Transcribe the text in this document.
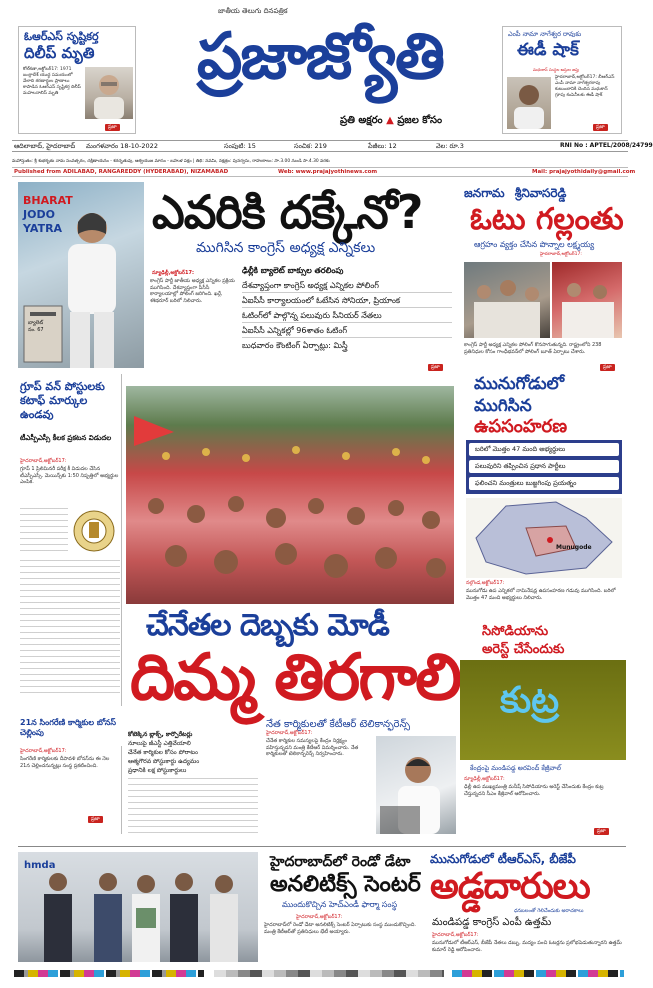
ఓఆర్ఎస్ సృష్టికర్త
దిలీప్ మృతి
కోల్‌కతా,అక్టోబర్17: 1971 బంగ్లాదేశ్ యుద్ధ సమయంలో వేలాది శరణార్థుల ప్రాణాలు కాపాడిన ఓఆర్ఎస్ సృష్టికర్త దిలీప్ మహలనాబిస్ మృతి
ప్రజా
జాతీయ తెలుగు దినపత్రిక
ప్రజాజ్యోతి
ప్రతి అక్షరం ▲ ప్రజల కోసం
ఎంపీ నామా నాగేశ్వర రావుకు
ఈడీ షాక్
మధుకాన్ సంస్థల ఆస్తుల జప్తు
హైదరాబాద్,అక్టోబర్17: బీఆర్ఎస్ ఎంపీ నామా నాగేశ్వరరావు కుటుంబానికి చెందిన మధుకాన్ గ్రూపు కంపెనీలకు ఈడీ షాక్
ప్రజా
ఆదిలాబాద్, హైదరాబాద్ మంగళవారం 18-10-2022	సంపుటి: 15	సంచిక: 219	పేజీలు: 12	వెల: రూ.3	RNI No : APTEL/2008/24799
మహాస్తుతం: శ్రీ శుభకృతు నామ సంవత్సరం, దక్షిణాయనం - శరదృతువు, ఆశ్వయుజ మాసం - బహుళ పక్షం | తిథి: నవమి, నక్షత్రం: పునర్వసు, రాహుకాలం: సా.3.00 నుండి సా.4.30 వరకు
Published from ADILABAD, RANGAREDDY (HYDERABAD), NIZAMABAD	Web: www.prajajyothinews.com	Mail: prajajyothidaily@gmail.com
BHARAT
JODO
YATRA
బ్యాలెట్ నం. 67
ఎవరికి దక్కేనో?
ముగిసిన కాంగ్రెస్ అధ్యక్ష ఎన్నికలు
న్యూఢిల్లీ,అక్టోబర్17:
కాంగ్రెస్ పార్టీ జాతీయ అధ్యక్ష ఎన్నికల ప్రక్రియ ముగిసింది. దేశవ్యాప్తంగా పీసీసీ కార్యాలయాల్లో పోలింగ్ జరిగింది. ఖర్గే, శశిథరూర్ బరిలో నిలిచారు.
ఢిల్లీకి బ్యాలెట్ బాక్సుల తరలింపు
దేశవ్యాప్తంగా కాంగ్రెస్ అధ్యక్ష ఎన్నికల పోలింగ్
ఏఐసీసీ కార్యాలయంలో ఓటేసిన సోనియా, ప్రియాంక
ఓటింగ్‌లో పాల్గొన్న పలువురు సీనియర్ నేతలు
ఏఐసీసీ ఎన్నికల్లో 96శాతం ఓటింగ్
బుధవారం కౌంటింగ్ ఏర్పాట్లు: మిస్త్రీ
ప్రజా
జనగామ శ్రీనివాసరెడ్డి
ఓటు గల్లంతు
ఆగ్రహం వ్యక్తం చేసిన పొన్నాల లక్ష్మయ్య
హైదరాబాద్,అక్టోబర్17:
కాంగ్రెస్ పార్టీ అధ్యక్ష ఎన్నికల పోలింగ్ కొనసాగుతున్నది. రాష్ట్రంలోని 238 ప్రతినిధుల కోసం గాంధీభవన్‌లో పోలింగ్ బూత్ ఏర్పాటు చేశారు.
ప్రజా
గ్రూప్ వన్ పోస్టులకు కటాఫ్ మార్కుల ఉండవు
టీఎస్పీఎస్సీ కీలక ప్రకటన విడుదల
హైదరాబాద్,అక్టోబర్17:
గ్రూప్ 1 ప్రిలిమినరీ పరీక్ష కీ విడుదల చేసిన టీఎస్పీఎస్సీ. మెయిన్స్‌కు 1:50 నిష్పత్తిలో అభ్యర్థుల ఎంపిక.
21న సింగరేణి కార్మికుల బోనస్ చెల్లింపు
హైదరాబాద్,అక్టోబర్17:
సింగరేణి కార్మికులకు దీపావళి బోనస్‌ను ఈ నెల 21న చెల్లించనున్నట్లు సంస్థ ప్రకటించింది.
ప్రజా
మునుగోడులో
ముగిసిన
ఉపసంహరణ
బరిలో మొత్తం 47 మంది అభ్యర్థులు
పలువురిని తప్పించిన ప్రధాన పార్టీలు
ఫలించని మంత్రులు బుజ్జగింపు ప్రయత్నం
Munugode
నల్గొండ,అక్టోబర్17:
మునుగోడు ఉప ఎన్నికలో నామినేషన్ల ఉపసంహరణ గడువు ముగిసింది. బరిలో మొత్తం 47 మంది అభ్యర్థులు నిలిచారు.
చేనేతల దెబ్బకు మోడీ
దిమ్మ తిరగాలి
నేత కార్మికులతో కేటీఆర్ టెలికాన్ఫరెన్స్
కోటెక్కిన బ్లాక్స్, కార్పొరేటర్లు
నూలుపై జీఎస్టీ ఎత్తివేయాలి
చేనేత కార్మికుల కోసం పోరాటం
ఆత్మగౌరవ పోస్టుకార్డు ఉద్యమం
ప్రధానికి లక్ష పోస్టుకార్డులు
హైదరాబాద్,అక్టోబర్17:
చేనేత కార్మికుల సమస్యలపై కేంద్రం నిర్లక్ష్యం వహిస్తున్నదని మంత్రి కేటీఆర్ విమర్శించారు. నేత కార్మికులతో టెలికాన్ఫరెన్స్ నిర్వహించారు.
సిసోడియాను
అరెస్ట్ చేసేందుకు
కుట్ర
కేంద్రంపై మండిపడ్డ అరవింద్ కేజ్రీవాల్
న్యూఢిల్లీ,అక్టోబర్17:
ఢిల్లీ ఉప ముఖ్యమంత్రి మనీష్ సిసోడియాను అరెస్ట్ చేసేందుకు కేంద్రం కుట్ర చేస్తున్నదని సీఎం కేజ్రీవాల్ ఆరోపించారు.
ప్రజా
hmda	హైదరాబాద్‌లో రెండో డేటా
అనలిటిక్స్ సెంటర్
ముందుకొచ్చిన హెచ్ఎండీ ఫార్మా సంస్థ
హైదరాబాద్,అక్టోబర్17:
హైదరాబాద్‌లో రెండో డేటా అనలిటిక్స్ సెంటర్ ఏర్పాటుకు సంస్థ ముందుకొచ్చింది. మంత్రి కేటీఆర్‌తో ప్రతినిధులు భేటీ అయ్యారు.
మునుగోడులో టీఆర్ఎస్, బీజేపీ
అడ్డదారులు
ధనబలంతో గెలిచేందుకు అరాచకాలు
మండిపడ్డ కాంగ్రెస్ ఎంపీ ఉత్తమ్
హైదరాబాద్,అక్టోబర్17:
మునుగోడులో టీఆర్ఎస్, బీజేపీ నేతలు డబ్బు, మద్యం పంచి ఓటర్లను ప్రలోభపెడుతున్నారని ఉత్తమ్ కుమార్ రెడ్డి ఆరోపించారు.
